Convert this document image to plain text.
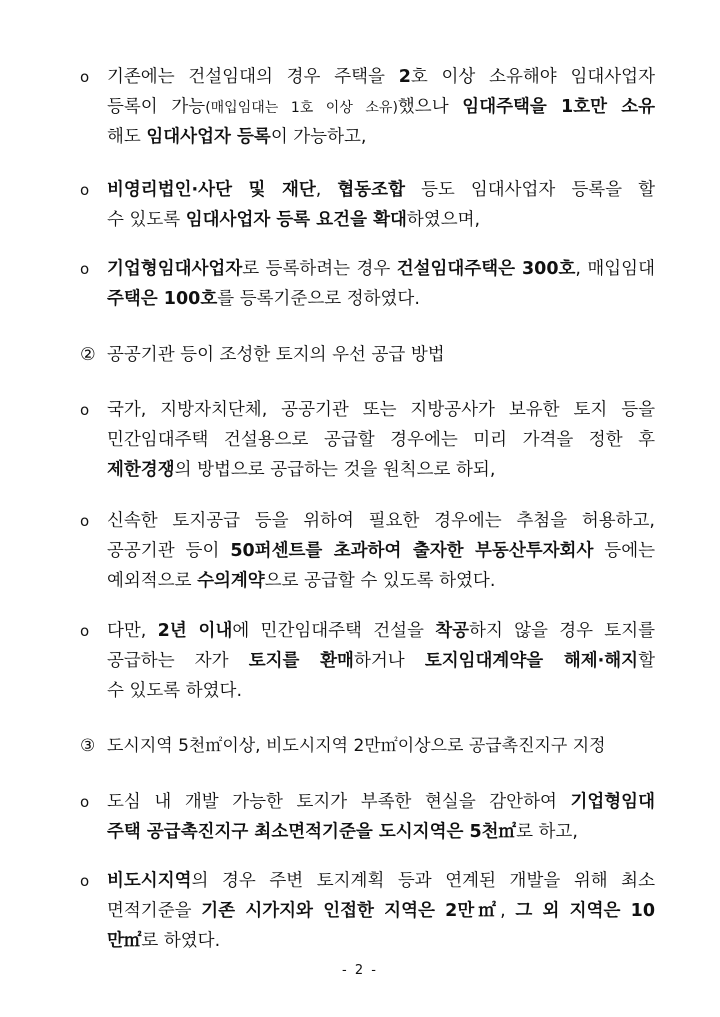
o 기존에는 건설임대의 경우 주택을 2호 이상 소유해야 임대사업자
등록이 가능(매입임대는 1호 이상 소유)했으나 임대주택을 1호만 소유
해도 임대사업자 등록이 가능하고,
o 비영리법인·사단 및 재단, 협동조합 등도 임대사업자 등록을 할
수 있도록 임대사업자 등록 요건을 확대하였으며,
o 기업형임대사업자로 등록하려는 경우 건설임대주택은 300호, 매입임대
주택은 100호를 등록기준으로 정하였다.
② 공공기관 등이 조성한 토지의 우선 공급 방법
o 국가, 지방자치단체, 공공기관 또는 지방공사가 보유한 토지 등을
민간임대주택 건설용으로 공급할 경우에는 미리 가격을 정한 후
제한경쟁의 방법으로 공급하는 것을 원칙으로 하되,
o 신속한 토지공급 등을 위하여 필요한 경우에는 추첨을 허용하고,
공공기관 등이 50퍼센트를 초과하여 출자한 부동산투자회사 등에는
예외적으로 수의계약으로 공급할 수 있도록 하였다.
o 다만, 2년 이내에 민간임대주택 건설을 착공하지 않을 경우 토지를
공급하는 자가 토지를 환매하거나 토지임대계약을 해제·해지할
수 있도록 하였다.
③ 도시지역 5천㎡이상, 비도시지역 2만㎡이상으로 공급촉진지구 지정
o 도심 내 개발 가능한 토지가 부족한 현실을 감안하여 기업형임대
주택 공급촉진지구 최소면적기준을 도시지역은 5천㎡로 하고,
o 비도시지역의 경우 주변 토지계획 등과 연계된 개발을 위해 최소
면적기준을 기존 시가지와 인접한 지역은 2만㎡, 그 외 지역은 10
만㎡로 하였다.
- 2 -
